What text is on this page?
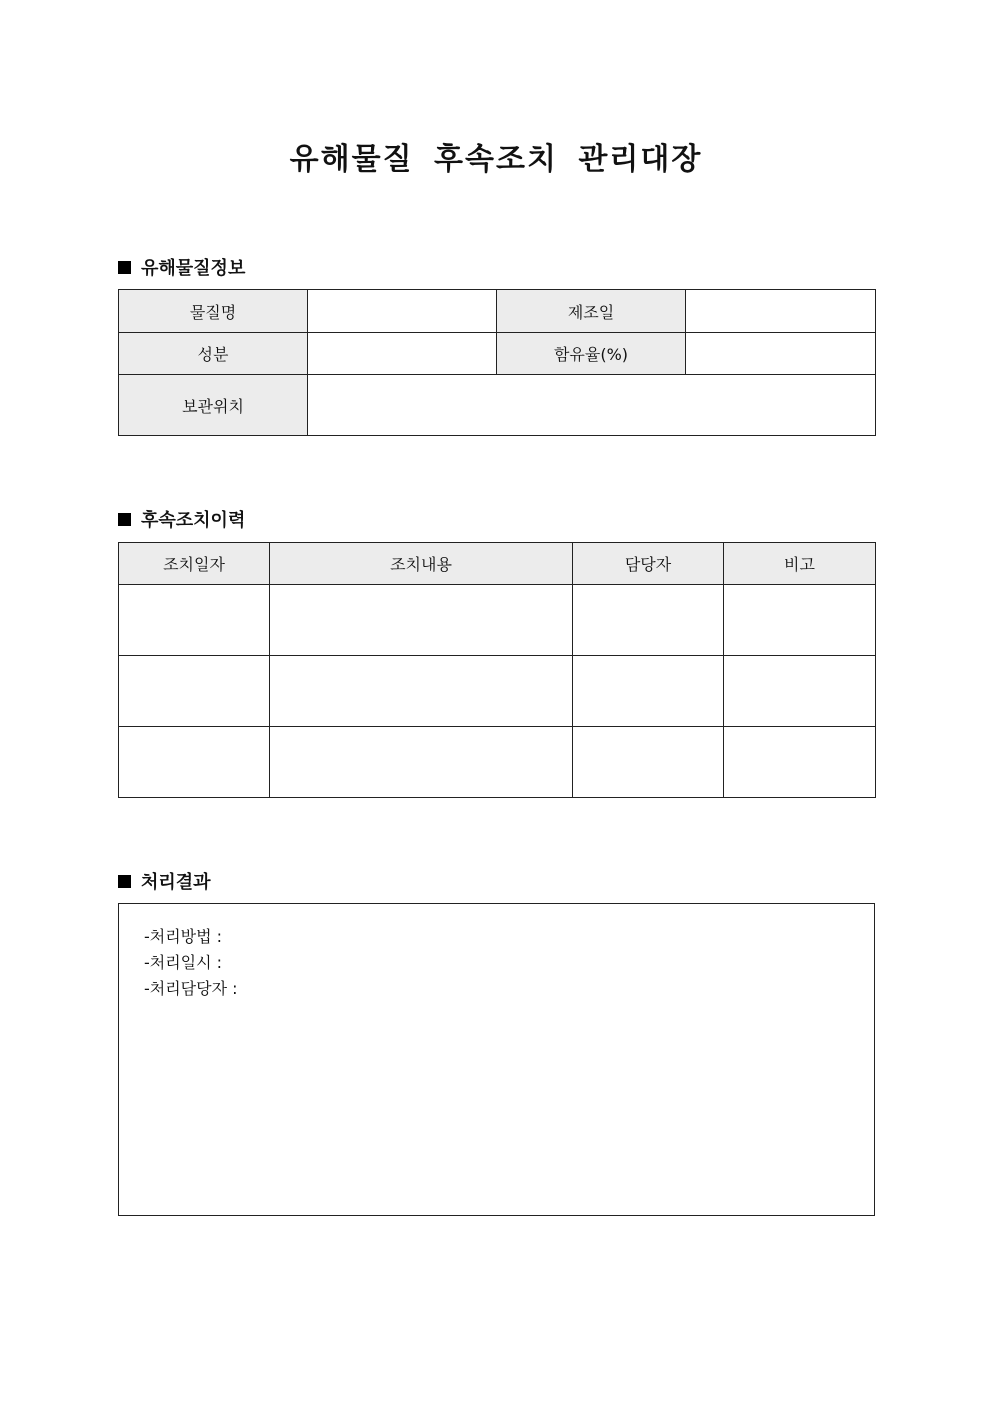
유해물질 후속조치 관리대장
유해물질정보
물질명		제조일	
성분		함유율(%)	
보관위치			
후속조치이력
조치일자	조치내용	담당자	비고

처리결과
-처리방법 :
-처리일시 :
-처리담당자 :
